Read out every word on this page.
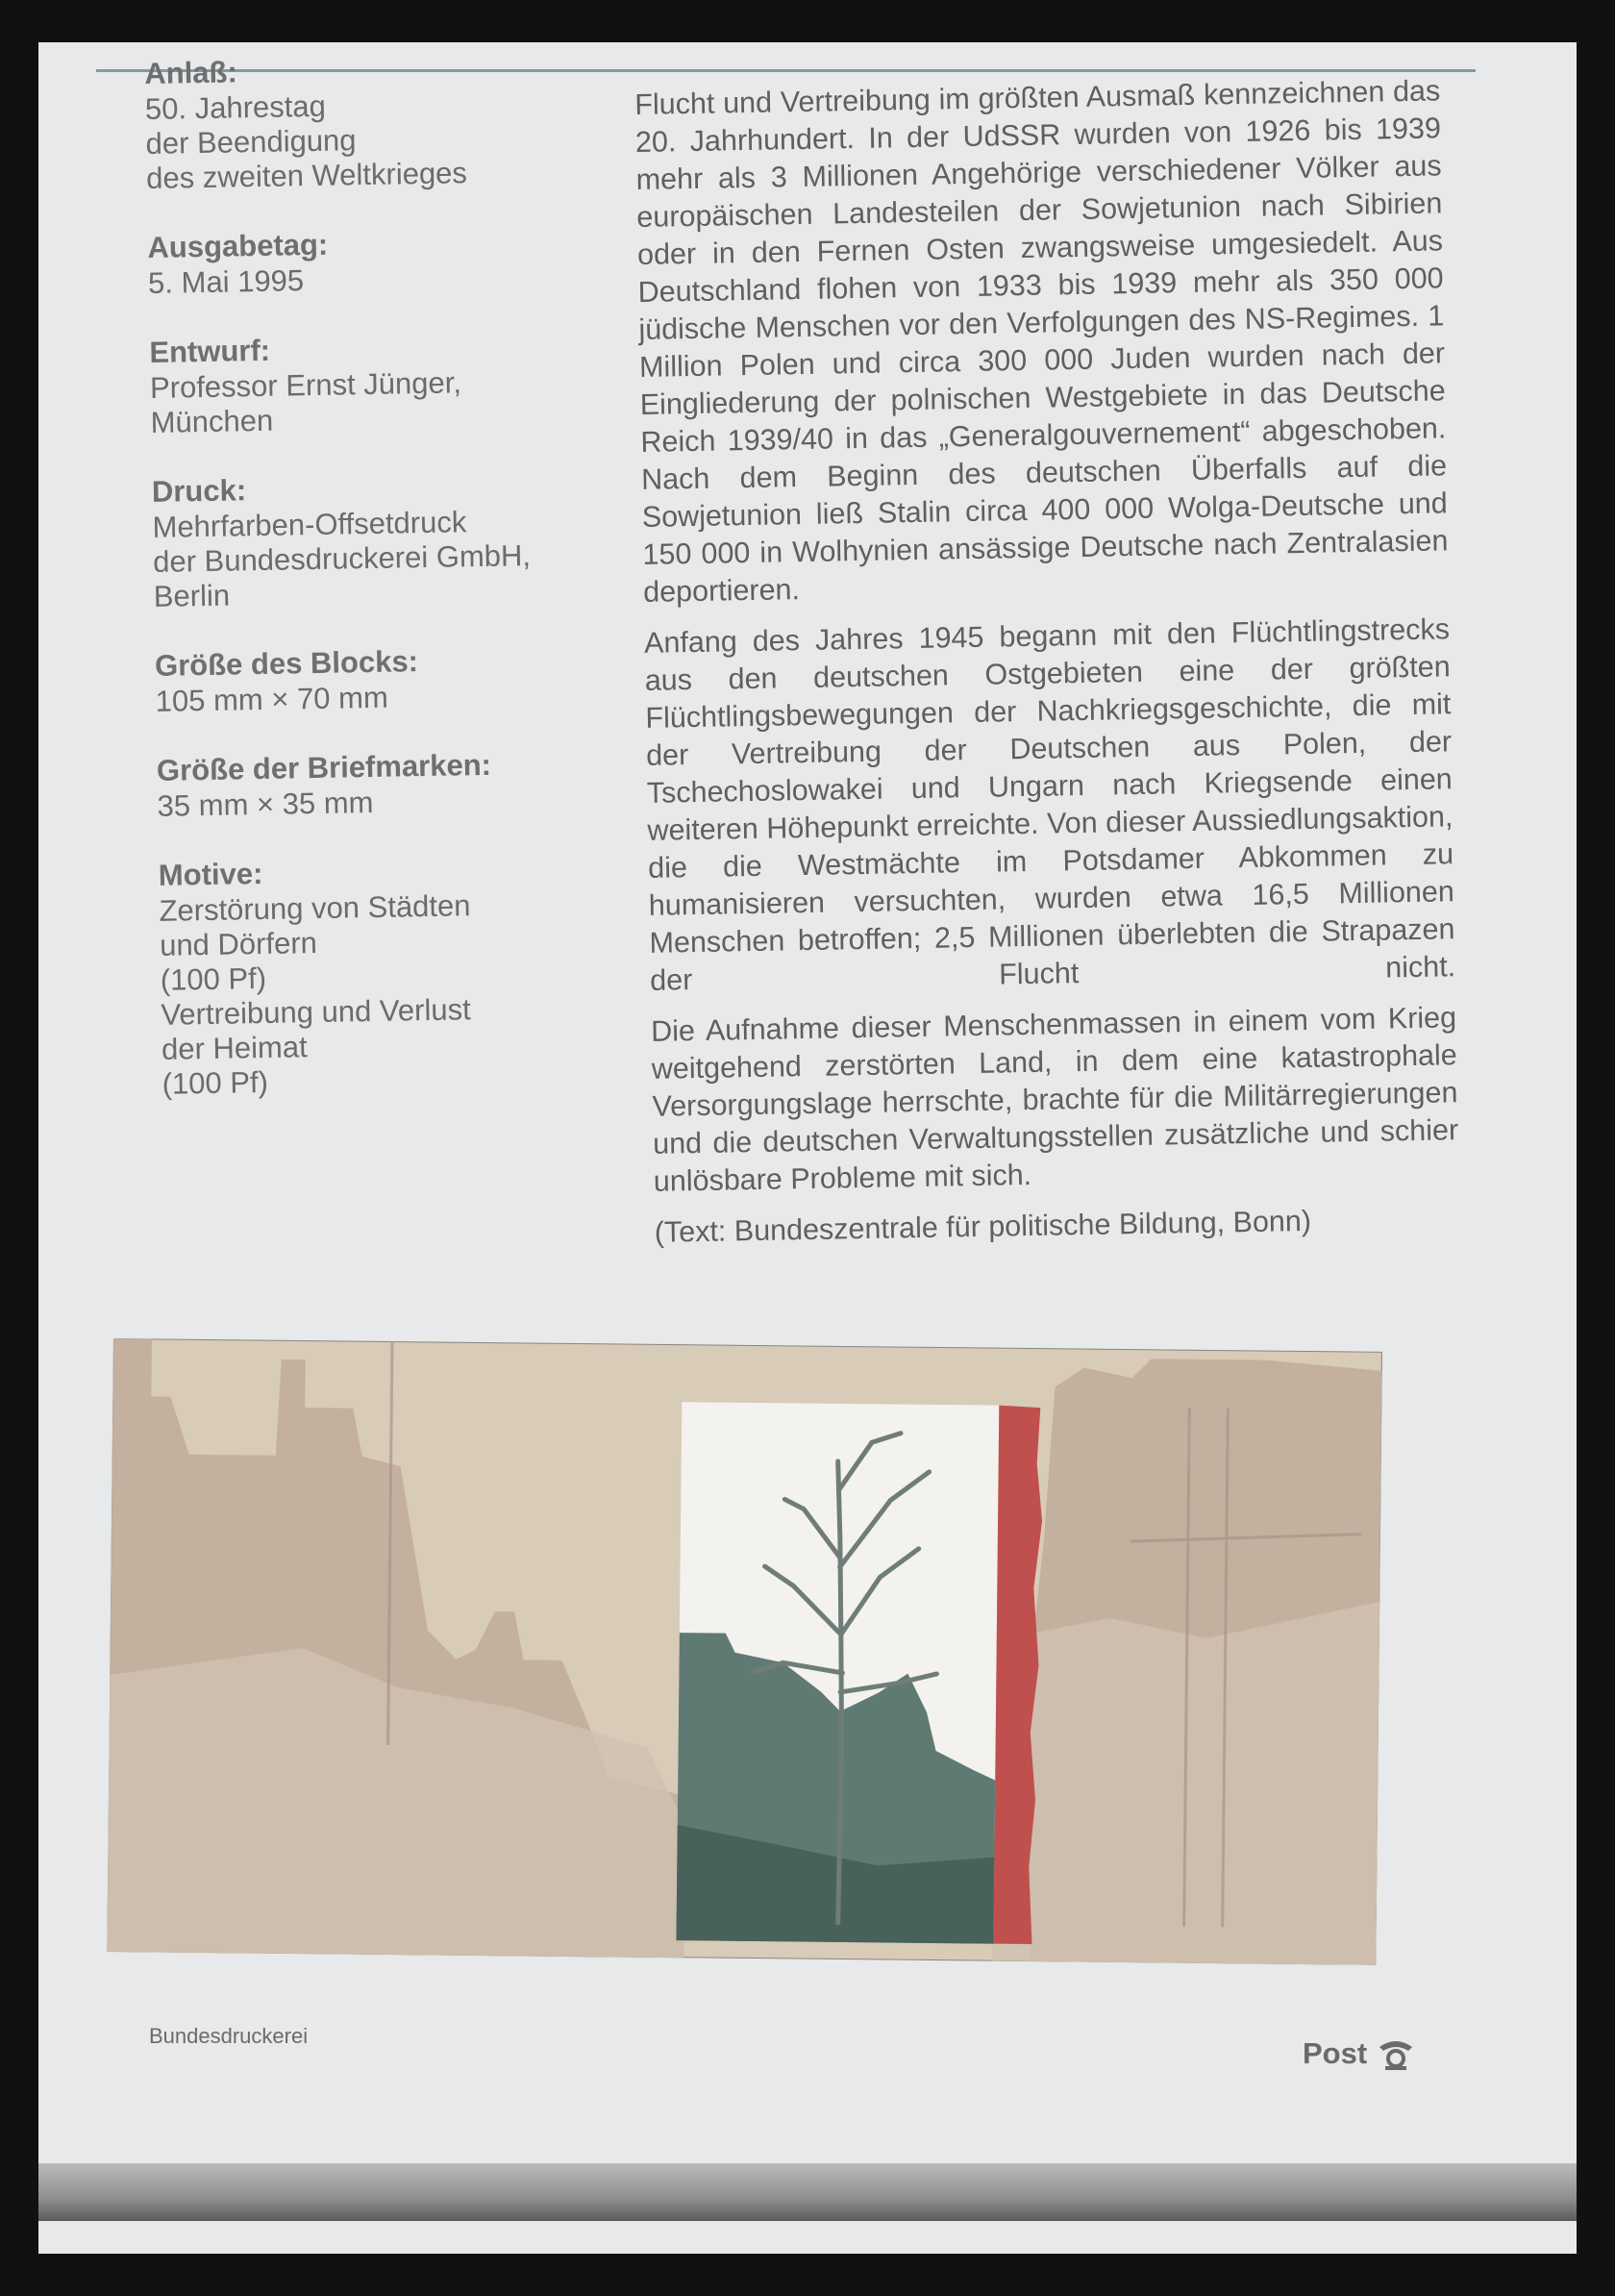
Anlaß:
50. Jahrestag
der Beendigung
des zweiten Weltkrieges
Ausgabetag:
5. Mai 1995
Entwurf:
Professor Ernst Jünger,
München
Druck:
Mehrfarben-Offsetdruck
der Bundesdruckerei GmbH,
Berlin
Größe des Blocks:
105 mm × 70 mm
Größe der Briefmarken:
35 mm × 35 mm
Motive:
Zerstörung von Städten
und Dörfern
(100 Pf)
Vertreibung und Verlust
der Heimat
(100 Pf)

Flucht und Vertreibung im größten Ausmaß kennzeichnen das 20. Jahrhundert. In der UdSSR wurden von 1926 bis 1939 mehr als 3 Millionen Angehörige verschiedener Völker aus europäischen Landesteilen der Sowjetunion nach Sibirien oder in den Fernen Osten zwangsweise umgesiedelt. Aus Deutschland flohen von 1933 bis 1939 mehr als 350 000 jüdische Menschen vor den Verfolgungen des NS-Regimes. 1 Million Polen und circa 300 000 Juden wurden nach der Eingliederung der polnischen Westgebiete in das Deutsche Reich 1939/40 in das „Generalgouvernement“ abgeschoben. Nach dem Beginn des deutschen Überfalls auf die Sowjetunion ließ Stalin circa 400 000 Wolga-Deutsche und 150 000 in Wolhynien ansässige Deutsche nach Zentralasien deportieren.

Anfang des Jahres 1945 begann mit den Flüchtlingstrecks aus den deutschen Ostgebieten eine der größten Flüchtlingsbewegungen der Nachkriegsgeschichte, die mit der Vertreibung der Deutschen aus Polen, der Tschechoslowakei und Ungarn nach Kriegsende einen weiteren Höhepunkt erreichte. Von dieser Aussiedlungsaktion, die die Westmächte im Potsdamer Abkommen zu humanisieren versuchten, wurden etwa 16,5 Millionen Menschen betroffen; 2,5 Millionen überlebten die Strapazen der Flucht nicht.

Die Aufnahme dieser Menschenmassen in einem vom Krieg weitgehend zerstörten Land, in dem eine katastrophale Versorgungslage herrschte, brachte für die Militärregierungen und die deutschen Verwaltungsstellen zusätzliche und schier unlösbare Probleme mit sich.

(Text: Bundeszentrale für politische Bildung, Bonn)
Bundesdruckerei
Post
